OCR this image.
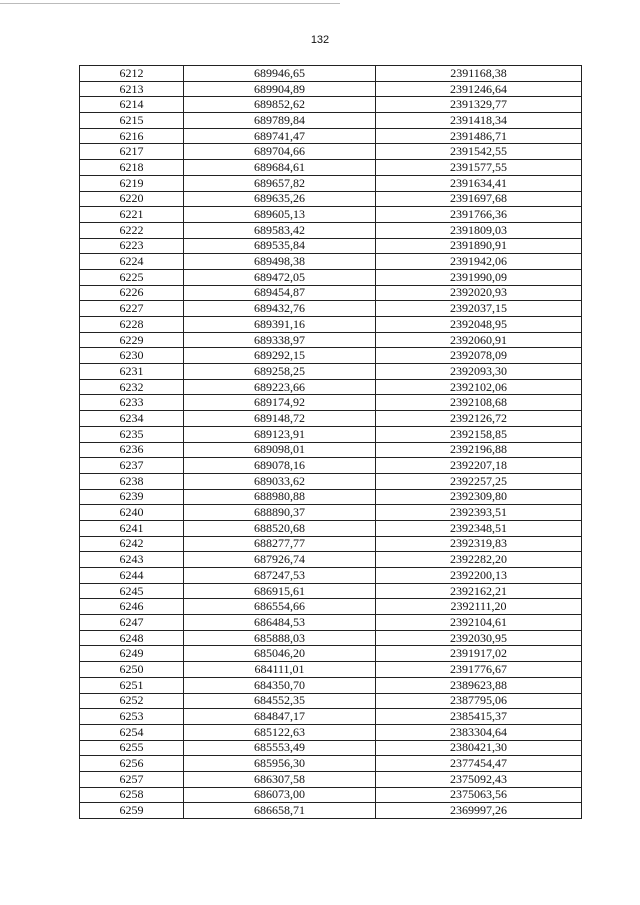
132
6212	689946,65	2391168,38
6213	689904,89	2391246,64
6214	689852,62	2391329,77
6215	689789,84	2391418,34
6216	689741,47	2391486,71
6217	689704,66	2391542,55
6218	689684,61	2391577,55
6219	689657,82	2391634,41
6220	689635,26	2391697,68
6221	689605,13	2391766,36
6222	689583,42	2391809,03
6223	689535,84	2391890,91
6224	689498,38	2391942,06
6225	689472,05	2391990,09
6226	689454,87	2392020,93
6227	689432,76	2392037,15
6228	689391,16	2392048,95
6229	689338,97	2392060,91
6230	689292,15	2392078,09
6231	689258,25	2392093,30
6232	689223,66	2392102,06
6233	689174,92	2392108,68
6234	689148,72	2392126,72
6235	689123,91	2392158,85
6236	689098,01	2392196,88
6237	689078,16	2392207,18
6238	689033,62	2392257,25
6239	688980,88	2392309,80
6240	688890,37	2392393,51
6241	688520,68	2392348,51
6242	688277,77	2392319,83
6243	687926,74	2392282,20
6244	687247,53	2392200,13
6245	686915,61	2392162,21
6246	686554,66	2392111,20
6247	686484,53	2392104,61
6248	685888,03	2392030,95
6249	685046,20	2391917,02
6250	684111,01	2391776,67
6251	684350,70	2389623,88
6252	684552,35	2387795,06
6253	684847,17	2385415,37
6254	685122,63	2383304,64
6255	685553,49	2380421,30
6256	685956,30	2377454,47
6257	686307,58	2375092,43
6258	686073,00	2375063,56
6259	686658,71	2369997,26
